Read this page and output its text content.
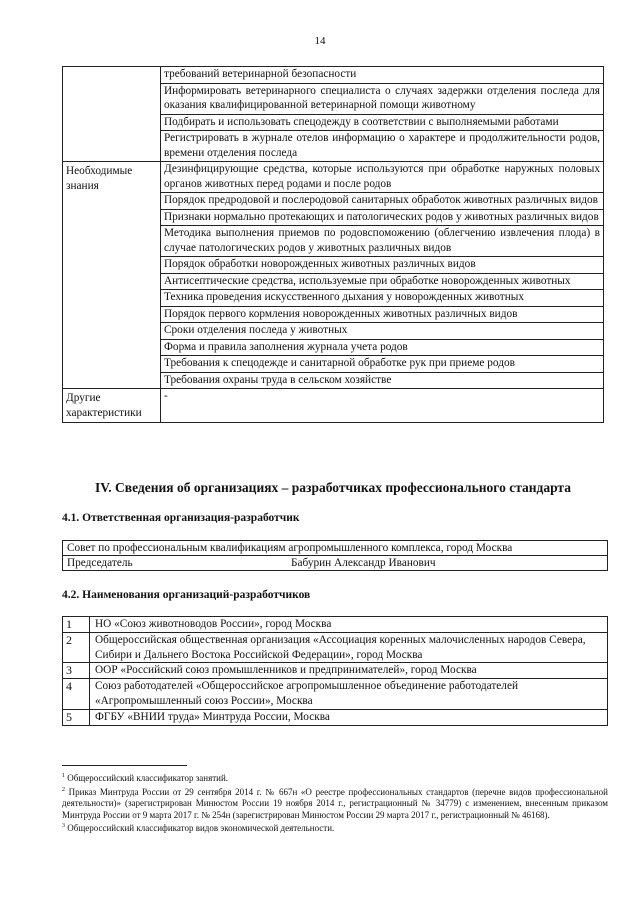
14
	требований ветеринарной безопасности
	Информировать ветеринарного специалиста о случаях задержки отделения последа для оказания квалифицированной ветеринарной помощи животному
	Подбирать и использовать спецодежду в соответствии с выполняемыми работами
	Регистрировать в журнале отелов информацию о характере и продолжительности родов, времени отделения последа
Необходимые знания	Дезинфицирующие средства, которые используются при обработке наружных половых органов животных перед родами и после родов
	Порядок предродовой и послеродовой санитарных обработок животных различных видов
	Признаки нормально протекающих и патологических родов у животных различных видов
	Методика выполнения приемов по родовспоможению (облегчению извлечения плода) в случае патологических родов у животных различных видов
	Порядок обработки новорожденных животных различных видов
	Антисептические средства, используемые при обработке новорожденных животных
	Техника проведения искусственного дыхания у новорожденных животных
	Порядок первого кормления новорожденных животных различных видов
	Сроки отделения последа у животных
	Форма и правила заполнения журнала учета родов
	Требования к спецодежде и санитарной обработке рук при приеме родов
	Требования охраны труда в сельском хозяйстве
Другие характеристики	-
IV. Сведения об организациях – разработчиках профессионального стандарта
4.1. Ответственная организация-разработчик
Совет по профессиональным квалификациям агропромышленного комплекса, город Москва
Председатель	Бабурин Александр Иванович
4.2. Наименования организаций-разработчиков
1	НО «Союз животноводов России», город Москва
2	Общероссийская общественная организация «Ассоциация коренных малочисленных народов Севера, Сибири и Дальнего Востока Российской Федерации», город Москва
3	ООР «Российский союз промышленников и предпринимателей», город Москва
4	Союз работодателей «Общероссийское агропромышленное объединение работодателей «Агропромышленный союз России», Москва
5	ФГБУ «ВНИИ труда» Минтруда России, Москва

$^1$ Общероссийский классификатор занятий.

$^2$ Приказ Минтруда России от 29 сентября 2014 г. № 667н «О реестре профессиональных стандартов (перечне видов профессиональной деятельности)» (зарегистрирован Минюстом России 19 ноября 2014 г., регистрационный № 34779) с изменением, внесенным приказом Минтруда России от 9 марта 2017 г. № 254н (зарегистрирован Минюстом России 29 марта 2017 г., регистрационный № 46168).

$^3$ Общероссийский классификатор видов экономической деятельности.
